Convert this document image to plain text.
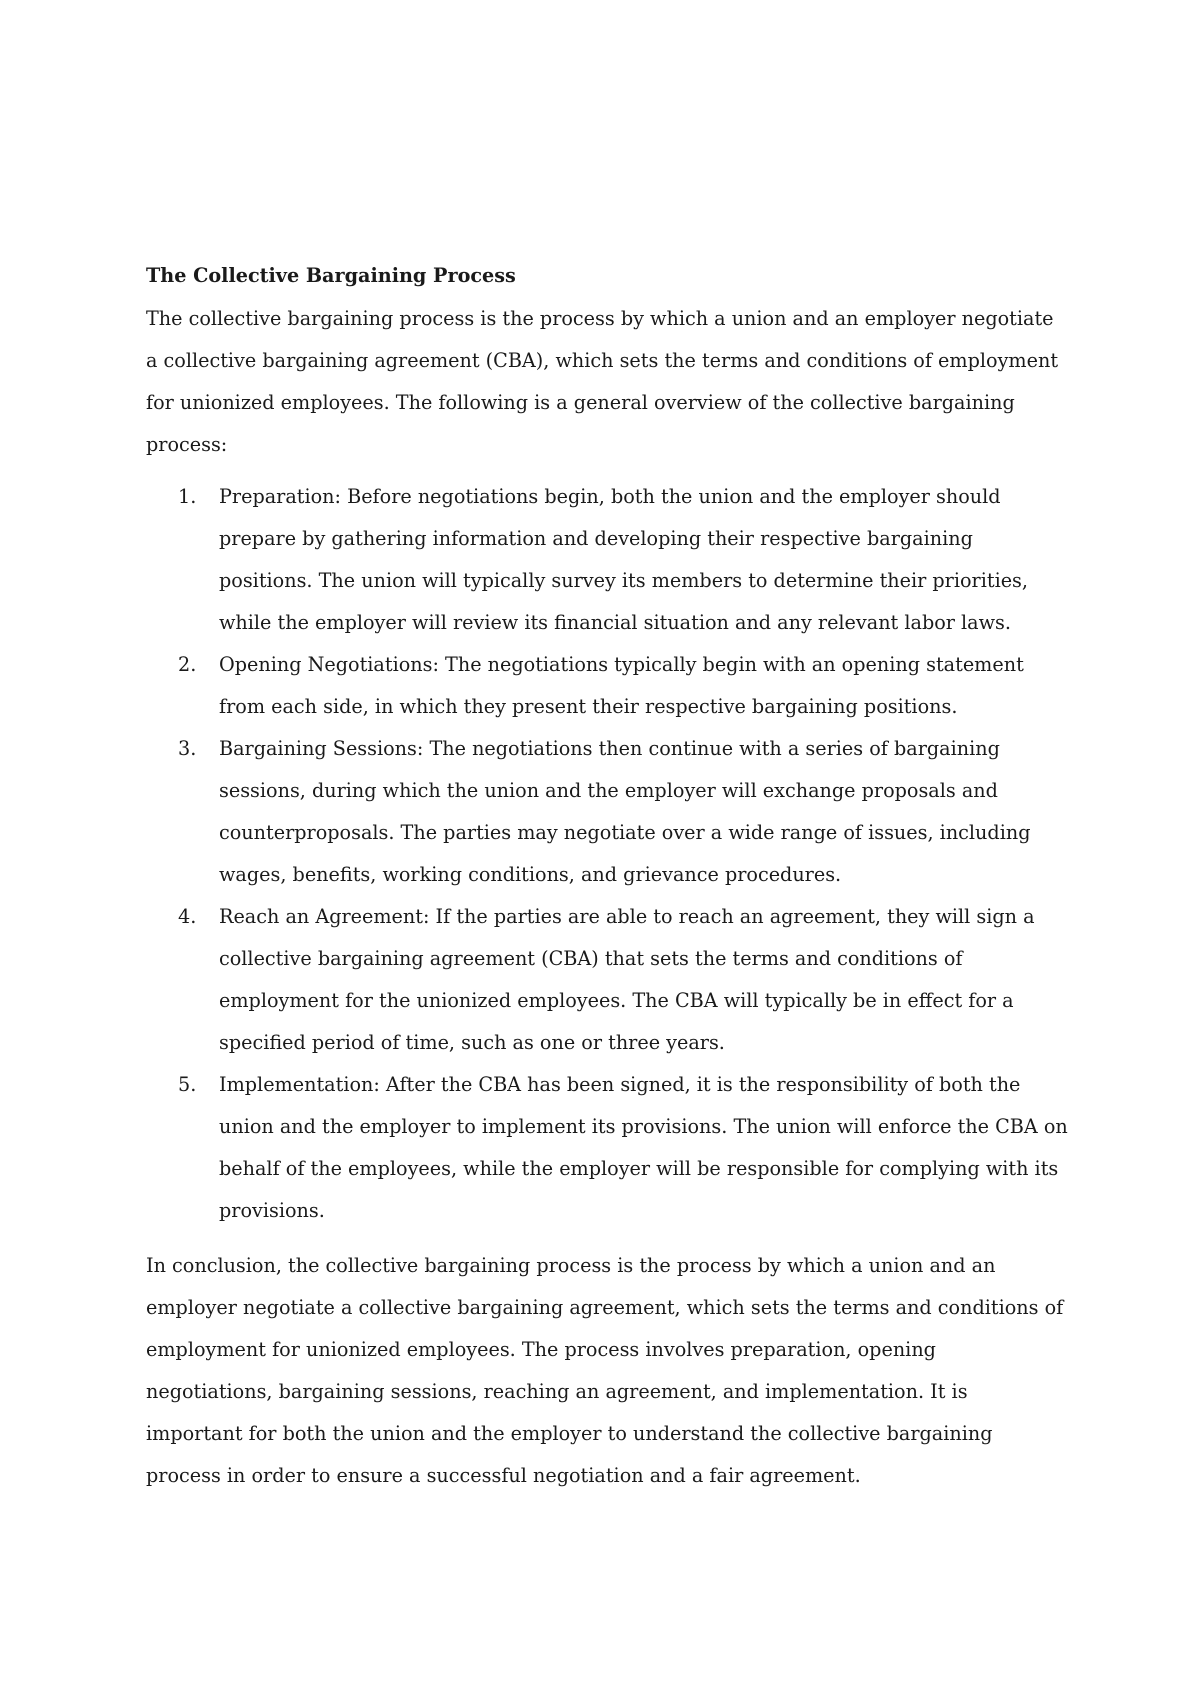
The Collective Bargaining Process

The collective bargaining process is the process by which a union and an employer negotiate a collective bargaining agreement (CBA), which sets the terms and conditions of employment for unionized employees. The following is a general overview of the collective bargaining process:

1. Preparation: Before negotiations begin, both the union and the employer should prepare by gathering information and developing their respective bargaining positions. The union will typically survey its members to determine their priorities, while the employer will review its financial situation and any relevant labor laws.
2. Opening Negotiations: The negotiations typically begin with an opening statement from each side, in which they present their respective bargaining positions.
3. Bargaining Sessions: The negotiations then continue with a series of bargaining sessions, during which the union and the employer will exchange proposals and counterproposals. The parties may negotiate over a wide range of issues, including wages, benefits, working conditions, and grievance procedures.
4. Reach an Agreement: If the parties are able to reach an agreement, they will sign a collective bargaining agreement (CBA) that sets the terms and conditions of employment for the unionized employees. The CBA will typically be in effect for a specified period of time, such as one or three years.
5. Implementation: After the CBA has been signed, it is the responsibility of both the union and the employer to implement its provisions. The union will enforce the CBA on behalf of the employees, while the employer will be responsible for complying with its provisions.

In conclusion, the collective bargaining process is the process by which a union and an employer negotiate a collective bargaining agreement, which sets the terms and conditions of employment for unionized employees. The process involves preparation, opening negotiations, bargaining sessions, reaching an agreement, and implementation. It is important for both the union and the employer to understand the collective bargaining process in order to ensure a successful negotiation and a fair agreement.
